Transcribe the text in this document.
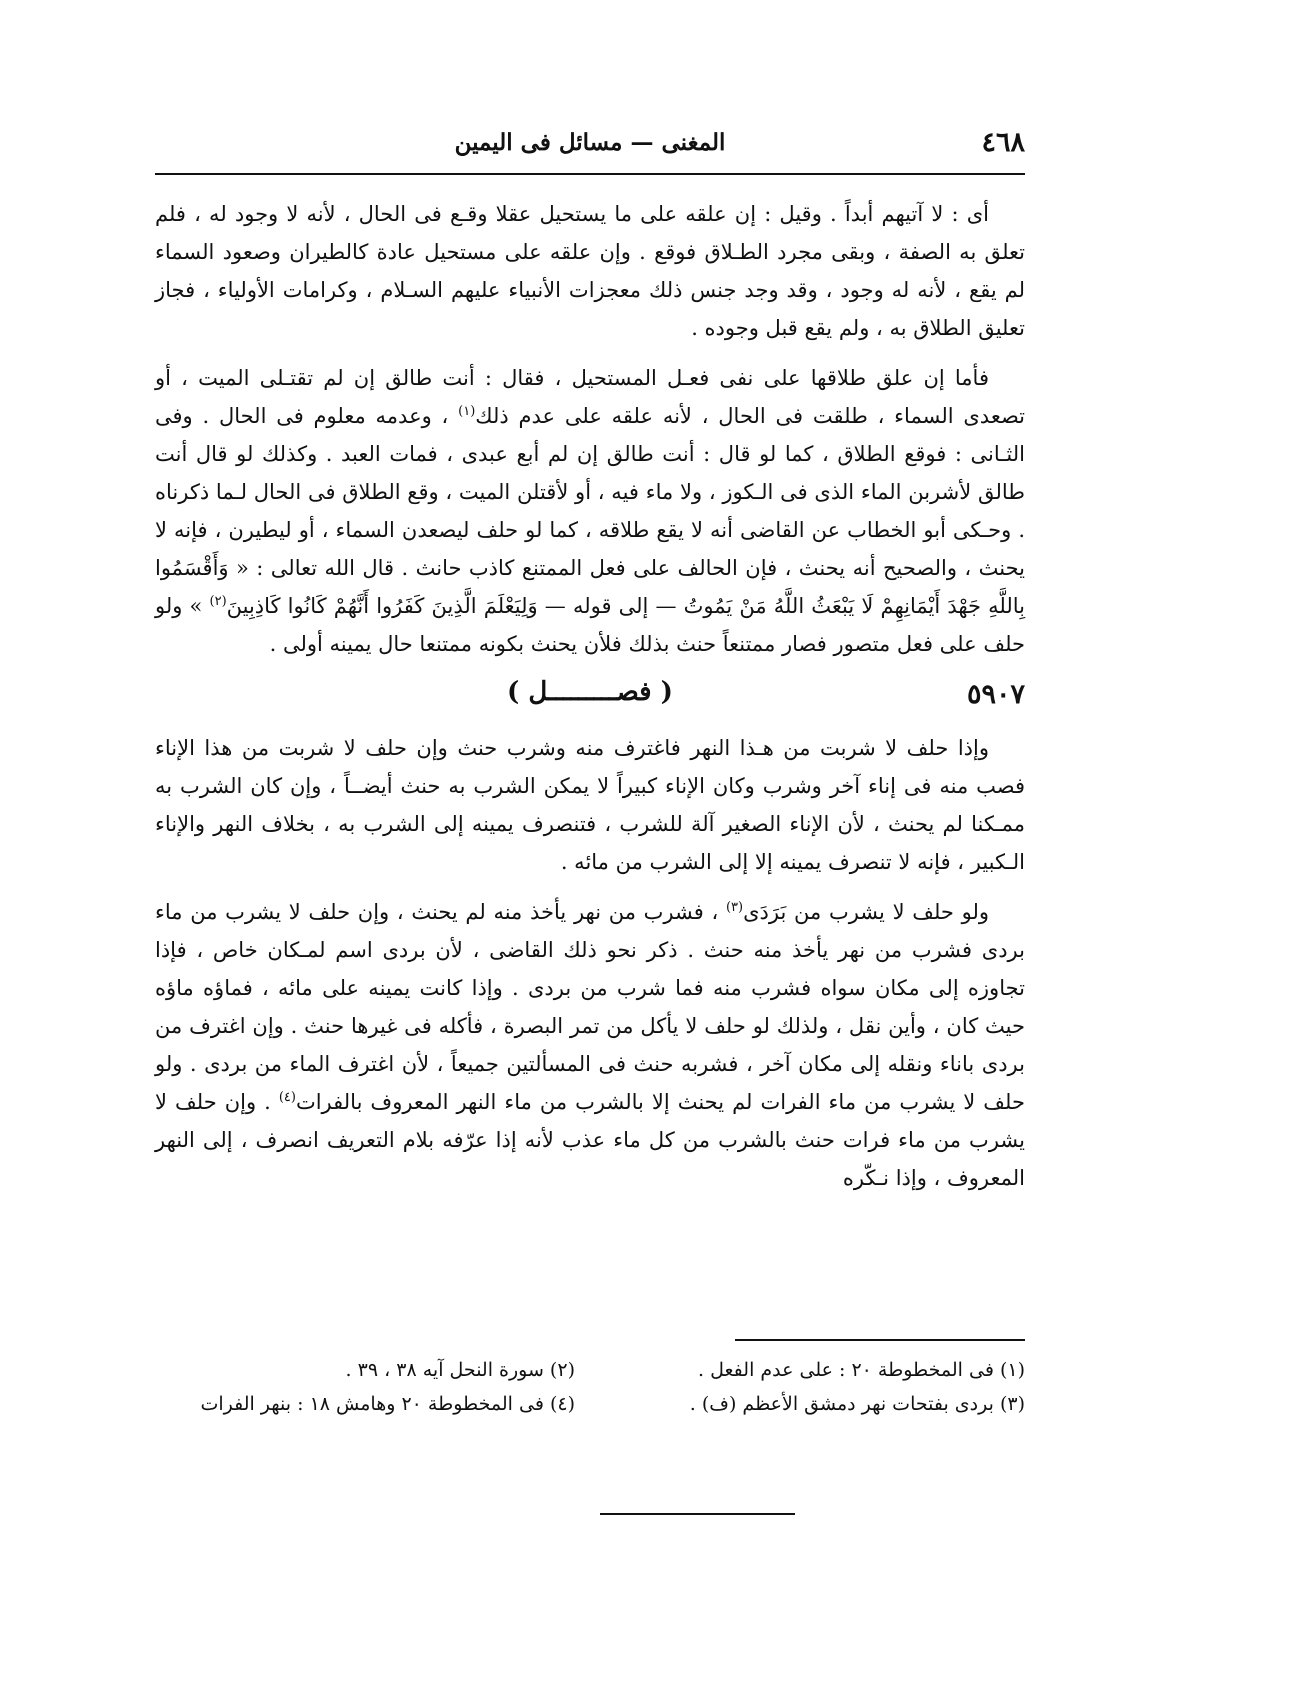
٤٦٨
المغنى — مسائل فى اليمين

أى : لا آتيهم أبداً . وقيل : إن علقه على ما يستحيل عقلا وقـع فى الحال ، لأنه لا وجود له ، فلم تعلق به الصفة ، وبقى مجرد الطـلاق فوقع . وإن علقه على مستحيل عادة كالطيران وصعود السماء لم يقع ، لأنه له وجود ، وقد وجد جنس ذلك معجزات الأنبياء عليهم السـلام ، وكرامات الأولياء ، فجاز تعليق الطلاق به ، ولم يقع قبل وجوده .

فأما إن علق طلاقها على نفى فعـل المستحيل ، فقال : أنت طالق إن لم تقتـلى الميت ، أو تصعدى السماء ، طلقت فى الحال ، لأنه علقه على عدم ذلك$^{(١)}$ ، وعدمه معلوم فى الحال . وفى الثـانى : فوقع الطلاق ، كما لو قال : أنت طالق إن لم أبع عبدى ، فمات العبد . وكذلك لو قال أنت طالق لأشربن الماء الذى فى الـكوز ، ولا ماء فيه ، أو لأقتلن الميت ، وقع الطلاق فى الحال لـما ذكرناه . وحـكى أبو الخطاب عن القاضى أنه لا يقع طلاقه ، كما لو حلف ليصعدن السماء ، أو ليطيرن ، فإنه لا يحنث ، والصحيح أنه يحنث ، فإن الحالف على فعل الممتنع كاذب حانث . قال الله تعالى : « وَأَقْسَمُوا بِاللَّهِ جَهْدَ أَيْمَانِهِمْ لَا يَبْعَثُ اللَّهُ مَنْ يَمُوتُ — إلى قوله — وَلِيَعْلَمَ الَّذِينَ كَفَرُوا أَنَّهُمْ كَانُوا كَاذِبِينَ$^{(٢)}$ » ولو حلف على فعل متصور فصار ممتنعاً حنث بذلك فلأن يحنث بكونه ممتنعا حال يمينه أولى .

٥٩٠٧
( فصـــــــــل )

وإذا حلف لا شربت من هـذا النهر فاغترف منه وشرب حنث وإن حلف لا شربت من هذا الإناء فصب منه فى إناء آخر وشرب وكان الإناء كبيراً لا يمكن الشرب به حنث أيضــاً ، وإن كان الشرب به ممـكنا لم يحنث ، لأن الإناء الصغير آلة للشرب ، فتنصرف يمينه إلى الشرب به ، بخلاف النهر والإناء الـكبير ، فإنه لا تنصرف يمينه إلا إلى الشرب من مائه .

ولو حلف لا يشرب من بَرَدَى$^{(٣)}$ ، فشرب من نهر يأخذ منه لم يحنث ، وإن حلف لا يشرب من ماء بردى فشرب من نهر يأخذ منه حنث . ذكر نحو ذلك القاضى ، لأن بردى اسم لمـكان خاص ، فإذا تجاوزه إلى مكان سواه فشرب منه فما شرب من بردى . وإذا كانت يمينه على مائه ، فماؤه ماؤه حيث كان ، وأين نقل ، ولذلك لو حلف لا يأكل من تمر البصرة ، فأكله فى غيرها حنث . وإن اغترف من بردى باناء ونقله إلى مكان آخر ، فشربه حنث فى المسألتين جميعاً ، لأن اغترف الماء من بردى . ولو حلف لا يشرب من ماء الفرات لم يحنث إلا بالشرب من ماء النهر المعروف بالفرات$^{(٤)}$ . وإن حلف لا يشرب من ماء فرات حنث بالشرب من كل ماء عذب لأنه إذا عرّفه بلام التعريف انصرف ، إلى النهر المعروف ، وإذا نـكّره

(١) فى المخطوطة ٢٠ : على عدم الفعل .
(٢) سورة النحل آيه ٣٨ ، ٣٩ .
(٣) بردى بفتحات نهر دمشق الأعظم (ف) .
(٤) فى المخطوطة ٢٠ وهامش ١٨ : بنهر الفرات
